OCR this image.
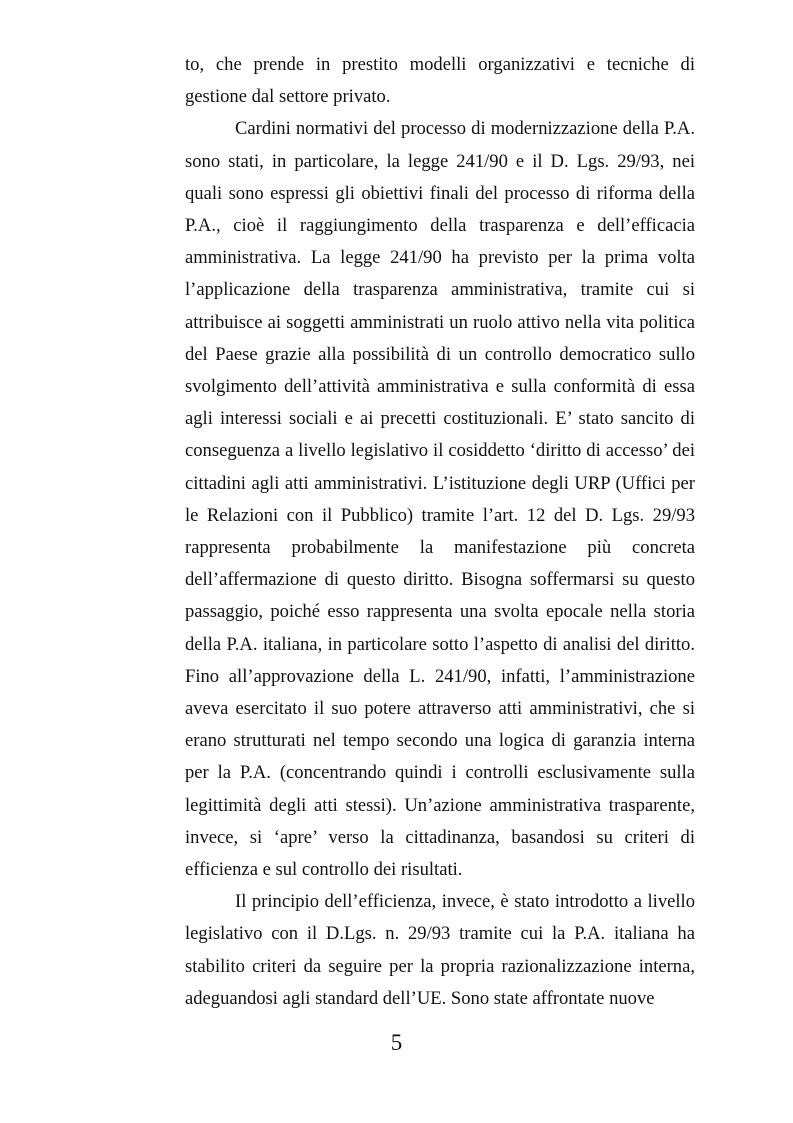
to, che prende in prestito modelli organizzativi e tecniche di gestione dal settore privato.

Cardini normativi del processo di modernizzazione della P.A. sono stati, in particolare, la legge 241/90 e il D. Lgs. 29/93, nei quali sono espressi gli obiettivi finali del processo di riforma della P.A., cioè il raggiungimento della trasparenza e dell’efficacia amministrativa. La legge 241/90 ha previsto per la prima volta l’applicazione della trasparenza amministrativa, tramite cui si attribuisce ai soggetti amministrati un ruolo attivo nella vita politica del Paese grazie alla possibilità di un controllo democratico sullo svolgimento dell’attività amministrativa e sulla conformità di essa agli interessi sociali e ai precetti costituzionali. E’ stato sancito di conseguenza a livello legislativo il cosiddetto ‘diritto di accesso’ dei cittadini agli atti amministrativi. L’istituzione degli URP (Uffici per le Relazioni con il Pubblico) tramite l’art. 12 del D. Lgs. 29/93 rappresenta probabilmente la manifestazione più concreta dell’affermazione di questo diritto. Bisogna soffermarsi su questo passaggio, poiché esso rappresenta una svolta epocale nella storia della P.A. italiana, in particolare sotto l’aspetto di analisi del diritto. Fino all’approvazione della L. 241/90, infatti, l’amministrazione aveva esercitato il suo potere attraverso atti amministrativi, che si erano strutturati nel tempo secondo una logica di garanzia interna per la P.A. (concentrando quindi i controlli esclusivamente sulla legittimità degli atti stessi). Un’azione amministrativa trasparente, invece, si ‘apre’ verso la cittadinanza, basandosi su criteri di efficienza e sul controllo dei risultati.

Il principio dell’efficienza, invece, è stato introdotto a livello legislativo con il D.Lgs. n. 29/93 tramite cui la P.A. italiana ha stabilito criteri da seguire per la propria razionalizzazione interna, adeguandosi agli standard dell’UE. Sono state affrontate nuove

5
